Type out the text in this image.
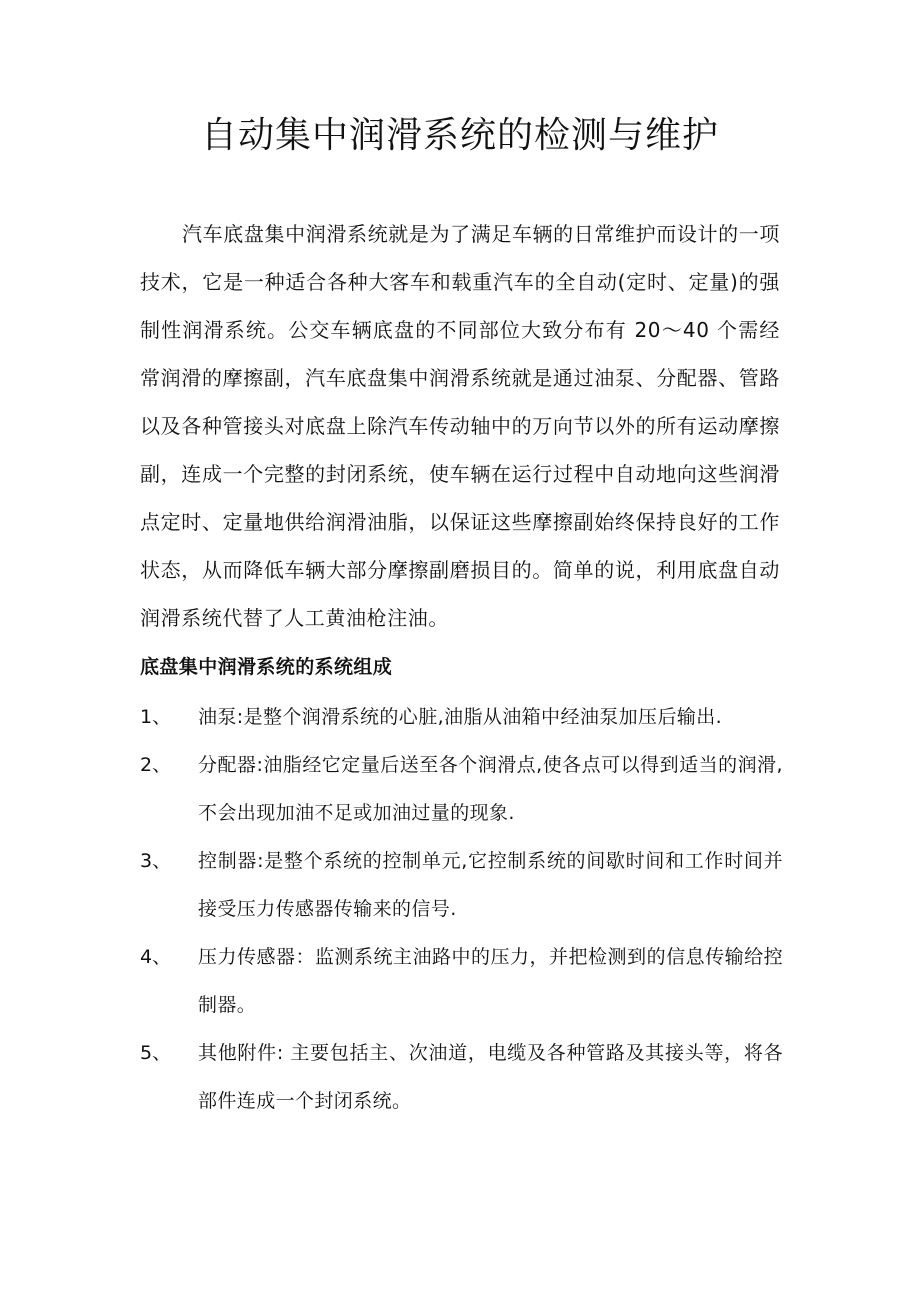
自动集中润滑系统的检测与维护

汽车底盘集中润滑系统就是为了满足车辆的日常维护而设计的一项技术，它是一种适合各种大客车和载重汽车的全自动(定时、定量)的强制性润滑系统。公交车辆底盘的不同部位大致分布有 20～40 个需经常润滑的摩擦副，汽车底盘集中润滑系统就是通过油泵、分配器、管路以及各种管接头对底盘上除汽车传动轴中的万向节以外的所有运动摩擦副，连成一个完整的封闭系统，使车辆在运行过程中自动地向这些润滑点定时、定量地供给润滑油脂，以保证这些摩擦副始终保持良好的工作状态，从而降低车辆大部分摩擦副磨损目的。简单的说，利用底盘自动润滑系统代替了人工黄油枪注油。

底盘集中润滑系统的系统组成
1、	油泵:是整个润滑系统的心脏,油脂从油箱中经油泵加压后输出.
2、	分配器:油脂经它定量后送至各个润滑点,使各点可以得到适当的润滑,不会出现加油不足或加油过量的现象.
3、	控制器:是整个系统的控制单元,它控制系统的间歇时间和工作时间并接受压力传感器传输来的信号.
4、	压力传感器：监测系统主油路中的压力，并把检测到的信息传输给控制器。
5、	其他附件: 主要包括主、次油道，电缆及各种管路及其接头等，将各部件连成一个封闭系统。
